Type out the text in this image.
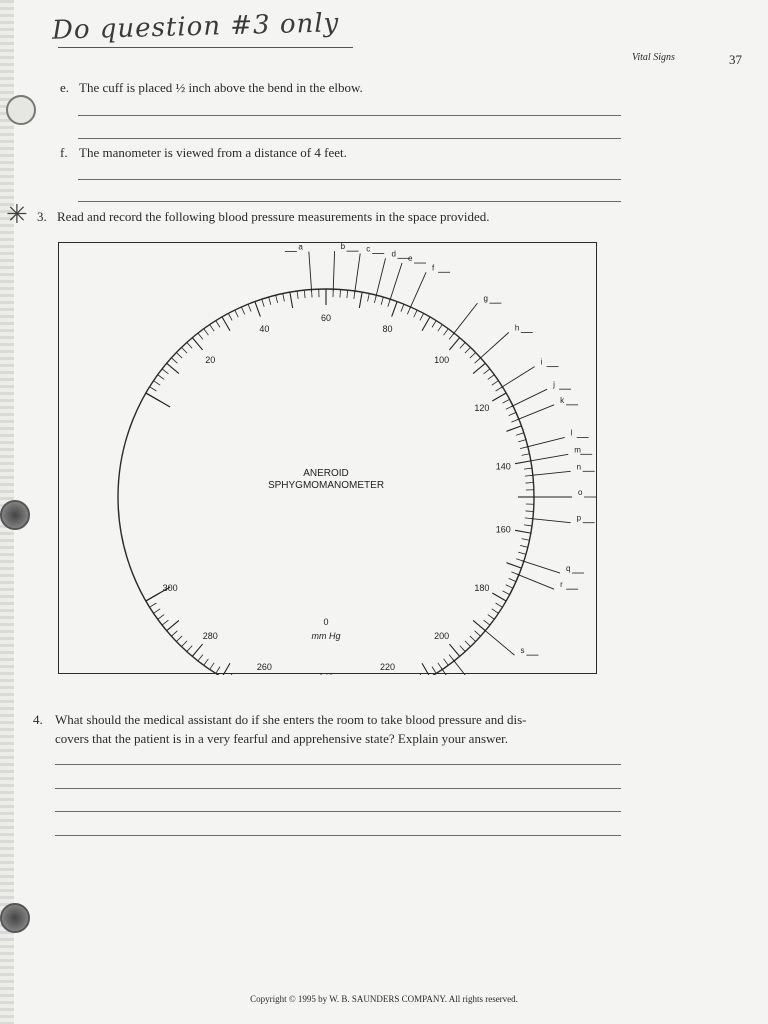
✳
Do question #3 only
Vital Signs	37
e. The cuff is placed ½ inch above the bend in the elbow.
f. The manometer is viewed from a distance of 4 feet.
3. Read and record the following blood pressure measurements in the space provided.
0
20
40
60
80
100
120
140
160
180
200
220
260
280
300
a	b	c
d
e
f
g
h
i
j
k
l
m
n
o
p
q
r
s
ANEROID
SPHYGMOMANOMETER
mm Hg
4. What should the medical assistant do if she enters the room to take blood pressure and dis-
covers that the patient is in a very fearful and apprehensive state? Explain your answer.
Copyright © 1995 by W. B. SAUNDERS COMPANY. All rights reserved.
